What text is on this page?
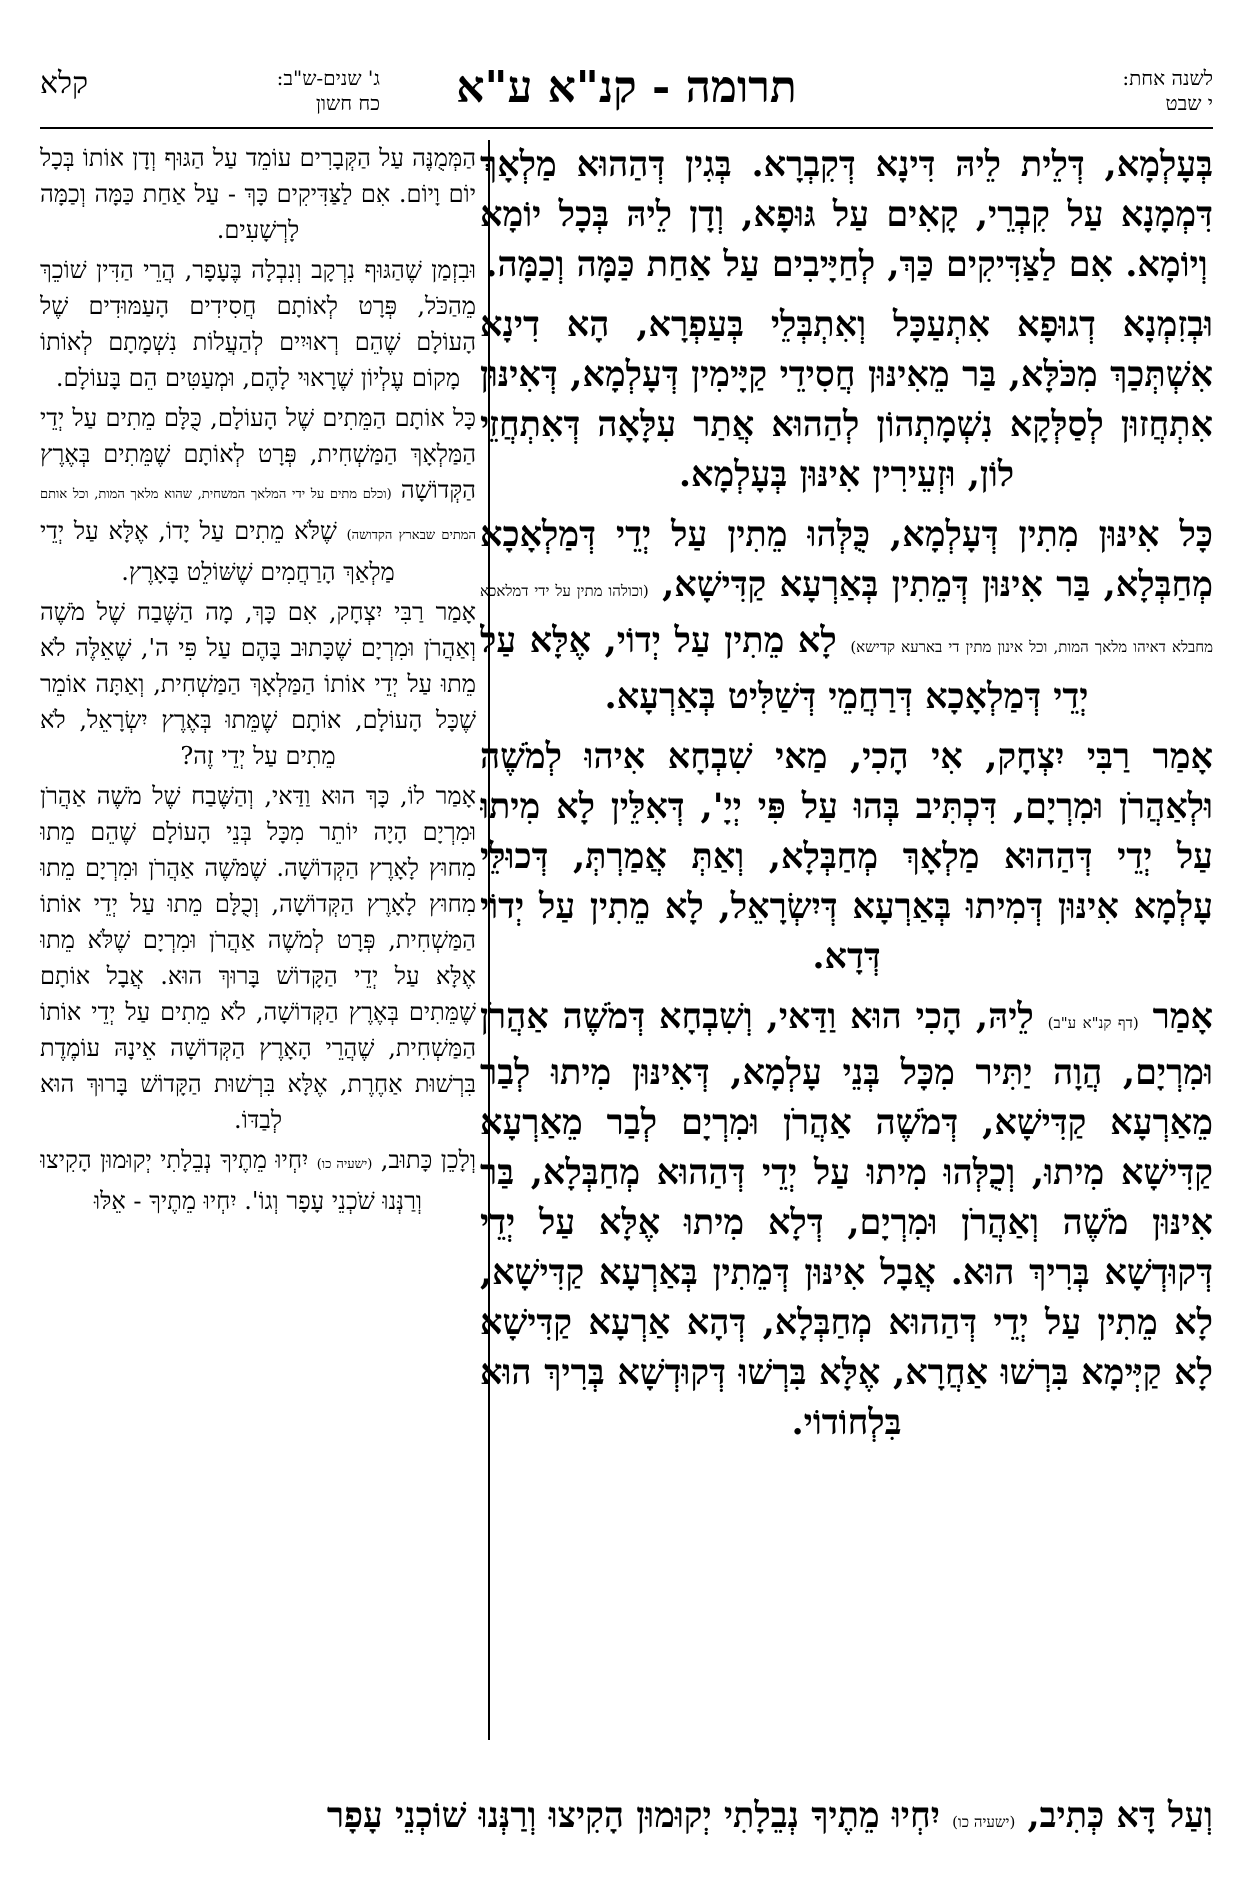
לשנה אחת:
י שבט
תרומה - קנ"א ע"א
ג' שנים-ש"ב:
כח חשון
קלא

בְּעָלְמָא, דְּלֵית לֵיהּ דִּינָא דְּקִבְרָא. בְּגִין דְּהַהוּא מַלְאָךְ דִּמְמָנָא עַל קִבְרֵי, קָאִים עַל גּוּפָא, וְדָן לֵיהּ בְּכָל יוֹמָא וְיוֹמָא. אִם לַצַּדִּיקִים כַּךְ, לְחַיָּיבִים עַל אַחַת כַּמָּה וְכַמָּה.

וּבְזִמְנָא דְגוּפָא אִתְעַכָּל וְאִתְבְּלֵי בְּעַפְרָא, הָא דִינָא אִשְׁתְּכַךְ מִכֹּלָּא, בַּר מֵאִינּוּן חֲסִידֵי קַיָּימִין דְּעָלְמָא, דְּאִינּוּן אִתְחֲזוּן לְסַלְּקָא נִשְׁמָתְהוֹן לְהַהוּא אֲתַר עִלָּאָה דְּאִתְחֲזֵי לוֹן, וּזְעֵירִין אִינּוּן בְּעָלְמָא.

כָּל אִינּוּן מִתִין דְּעָלְמָא, כֻּלְּהוּ מֵתִין עַל יְדֵי דְּמַלְאָכָא מְחַבְּלָא, בַּר אִינּוּן דְּמֵתִין בְּאַרְעָא קַדִּישָׁא, (וכולהו מתין על ידי דמלאכא מחבלא דאיהו מלאך המות, וכל אינון מתין די בארעא קדישא) לָא מֵתִין עַל יְדוֹי, אֶלָּא עַל יְדֵי דְּמַלְאָכָא דְּרַחֲמֵי דְּשַׁלִּיט בְּאַרְעָא.

אָמַר רַבִּי יִצְחָק, אִי הָכִי, מַאי שִׁבְחָא אִיהוּ לְמֹשֶׁה וּלְאַהֲרֹן וּמִרְיָם, דִּכְתִּיב בְּהוּ עַל פִּי יְיָ', דְּאִלֵּין לָא מִיתוּ עַל יְדֵי דְּהַהוּא מַלְאָךְ מְחַבְּלָא, וְאַתְּ אֲמַרְתְּ, דְּכוּלֵּי עָלְמָא אִינּוּן דְּמִיתוּ בְּאַרְעָא דְּיִשְׂרָאֵל, לָא מֵתִין עַל יְדוֹי דְּדָא.

אָמַר (דף קנ"א ע"ב) לֵיהּ, הָכִי הוּא וַדַּאי, וְשִׁבְחָא דְּמֹשֶׁה אַהֲרֹן וּמִרְיָם, הֲוָה יַתִּיר מִכָּל בְּנֵי עָלְמָא, דְּאִינּוּן מִיתוּ לְבַר מֵאַרְעָא קַדִּישָׁא, דְּמֹשֶׁה אַהֲרֹן וּמִרְיָם לְבַר מֵאַרְעָא קַדִּישָׁא מִיתוּ, וְכֻלְּהוּ מִיתוּ עַל יְדֵי דְּהַהוּא מְחַבְּלָא, בַּר אִינּוּן מֹשֶׁה וְאַהֲרֹן וּמִרְיָם, דְּלָא מִיתוּ אֶלָּא עַל יְדֵי דְּקוּדְשָׁא בְּרִיךְ הוּא. אֲבָל אִינּוּן דְּמֵתִין בְּאַרְעָא קַדִּישָׁא, לָא מֵתִין עַל יְדֵי דְּהַהוּא מְחַבְּלָא, דְּהָא אַרְעָא קַדִּישָׁא לָא קַיְּימָא בִּרְשׁוּ אַחֲרָא, אֶלָּא בִּרְשׁוּ דְּקוּדְשָׁא בְּרִיךְ הוּא בִּלְחוֹדוֹי.

הַמְּמֻנֶּה עַל הַקְּבָרִים עוֹמֵד עַל הַגּוּף וְדָן אוֹתוֹ בְּכָל יוֹם וָיוֹם. אִם לַצַּדִּיקִים כָּךְ - עַל אַחַת כַּמָּה וְכַמָּה לָרְשָׁעִים.

וּבִזְמַן שֶׁהַגּוּף נִרְקָב וְנִבְלָה בֶּעָפָר, הֲרֵי הַדִּין שׁוֹכֵךְ מֵהַכֹּל, פְּרָט לְאוֹתָם חֲסִידִים הָעַמּוּדִים שֶׁל הָעוֹלָם שֶׁהֵם רְאוּיִים לְהַעֲלוֹת נִשְׁמָתָם לְאוֹתוֹ מָקוֹם עֶלְיוֹן שֶׁרָאוּי לָהֶם, וּמְעַטִּים הֵם בָּעוֹלָם.

כָּל אוֹתָם הַמֵּתִים שֶׁל הָעוֹלָם, כֻּלָּם מֵתִים עַל יְדֵי הַמַּלְאָךְ הַמַּשְׁחִית, פְּרָט לְאוֹתָם שֶׁמֵּתִים בְּאֶרֶץ הַקְּדוֹשָׁה (וכלם מתים על ידי המלאך המשחית, שהוא מלאך המות, וכל אותם המתים שבארץ הקדושה) שֶׁלֹּא מֵתִים עַל יָדוֹ, אֶלָּא עַל יְדֵי מַלְאַךְ הָרַחֲמִים שֶׁשּׁוֹלֵט בָּאָרֶץ.

אָמַר רַבִּי יִצְחָק, אִם כָּךְ, מָה הַשֶּׁבַח שֶׁל מֹשֶׁה וְאַהֲרֹן וּמִרְיָם שֶׁכָּתוּב בָּהֶם עַל פִּי ה', שֶׁאֵלֶּה לֹא מֵתוּ עַל יְדֵי אוֹתוֹ הַמַּלְאָךְ הַמַּשְׁחִית, וְאַתָּה אוֹמֵר שֶׁכָּל הָעוֹלָם, אוֹתָם שֶׁמֵּתוּ בְּאֶרֶץ יִשְׂרָאֵל, לֹא מֵתִים עַל יְדֵי זֶה?

אָמַר לוֹ, כָּךְ הוּא וַדַּאי, וְהַשֶּׁבַח שֶׁל מֹשֶׁה אַהֲרֹן וּמִרְיָם הָיָה יוֹתֵר מִכָּל בְּנֵי הָעוֹלָם שֶׁהֵם מֵתוּ מִחוּץ לָאָרֶץ הַקְּדוֹשָׁה. שֶׁמֹּשֶׁה אַהֲרֹן וּמִרְיָם מֵתוּ מִחוּץ לָאָרֶץ הַקְּדוֹשָׁה, וְכֻלָּם מֵתוּ עַל יְדֵי אוֹתוֹ הַמַּשְׁחִית, פְּרָט לְמֹשֶׁה אַהֲרֹן וּמִרְיָם שֶׁלֹּא מֵתוּ אֶלָּא עַל יְדֵי הַקָּדוֹשׁ בָּרוּךְ הוּא. אֲבָל אוֹתָם שֶׁמֵּתִים בְּאֶרֶץ הַקְּדוֹשָׁה, לֹא מֵתִים עַל יְדֵי אוֹתוֹ הַמַּשְׁחִית, שֶׁהֲרֵי הָאָרֶץ הַקְּדוֹשָׁה אֵינָהּ עוֹמֶדֶת בִּרְשׁוּת אַחֶרֶת, אֶלָּא בִּרְשׁוּת הַקָּדוֹשׁ בָּרוּךְ הוּא לְבַדּוֹ.

וְלָכֵן כָּתוּב, (ישעיה כו) יִחְיוּ מֵתֶיךָ נְבֵלָתִי יְקוּמוּן הָקִיצוּ וְרַנְּנוּ שֹׁכְנֵי עָפָר וְגוֹ'. יִחְיוּ מֵתֶיךָ - אֵלּוּ

וְעַל דָּא כְּתִיב, (ישעיה כו) יִחְיוּ מֵתֶיךָ נְבֵלָתִי יְקוּמוּן הָקִיצוּ וְרַנְּנוּ שׁוֹכְנֵי עָפָר
